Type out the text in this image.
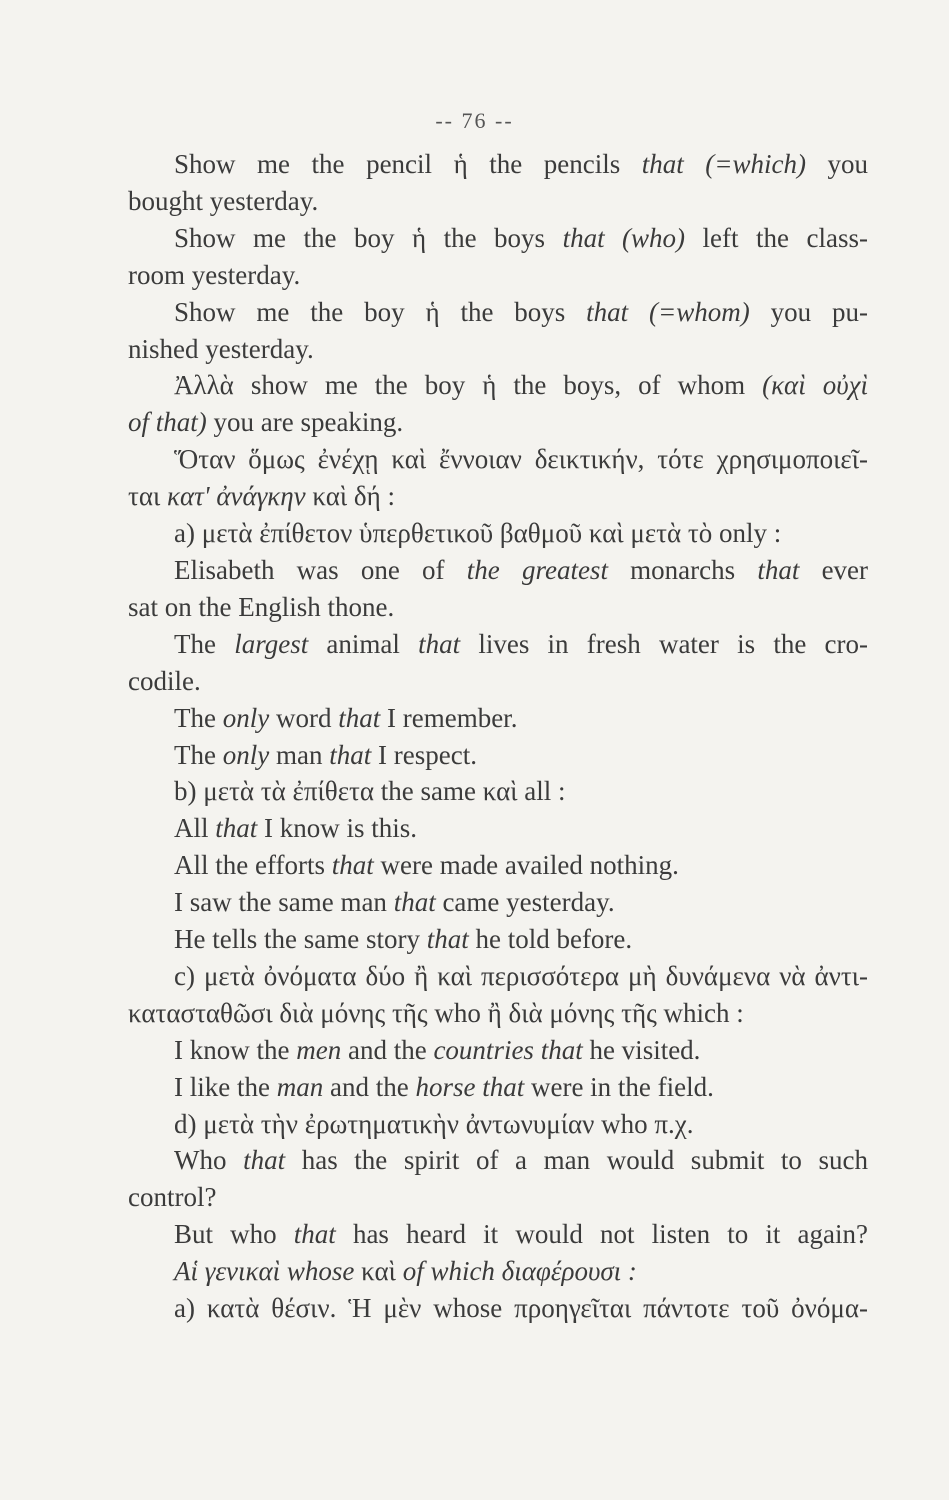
-- 76 --
Show me the pencil ἡ the pencils that (=which) you
bought yesterday.
Show me the boy ἡ the boys that (who) left the class-
room yesterday.
Show me the boy ἡ the boys that (=whom) you pu-
nished yesterday.
Ἀλλὰ show me the boy ἡ the boys, of whom (καὶ οὐχὶ
of that) you are speaking.
Ὅταν ὅμως ἐνέχῃ καὶ ἔννοιαν δεικτικήν, τότε χρησιμοποιεῖ-
ται κατ' ἀνάγκην καὶ δή :
a) μετὰ ἐπίθετον ὑπερθετικοῦ βαθμοῦ καὶ μετὰ τὸ only :
Elisabeth was one of the greatest monarchs that ever
sat on the English thone.
The largest animal that lives in fresh water is the cro-
codile.
The only word that I remember.
The only man that I respect.
b) μετὰ τὰ ἐπίθετα the same καὶ all :
All that I know is this.
All the efforts that were made availed nothing.
I saw the same man that came yesterday.
He tells the same story that he told before.
c) μετὰ ὀνόματα δύο ἢ καὶ περισσότερα μὴ δυνάμενα νὰ ἀντι-
κατασταθῶσι διὰ μόνης τῆς who ἢ διὰ μόνης τῆς which :
I know the men and the countries that he visited.
I like the man and the horse that were in the field.
d) μετὰ τὴν ἐρωτηματικὴν ἀντωνυμίαν who π.χ.
Who that has the spirit of a man would submit to such
control?
But who that has heard it would not listen to it again?
Αἱ γενικαὶ whose καὶ of which διαφέρουσι :
a) κατὰ θέσιν. Ἡ μὲν whose προηγεῖται πάντοτε τοῦ ὀνόμα-
